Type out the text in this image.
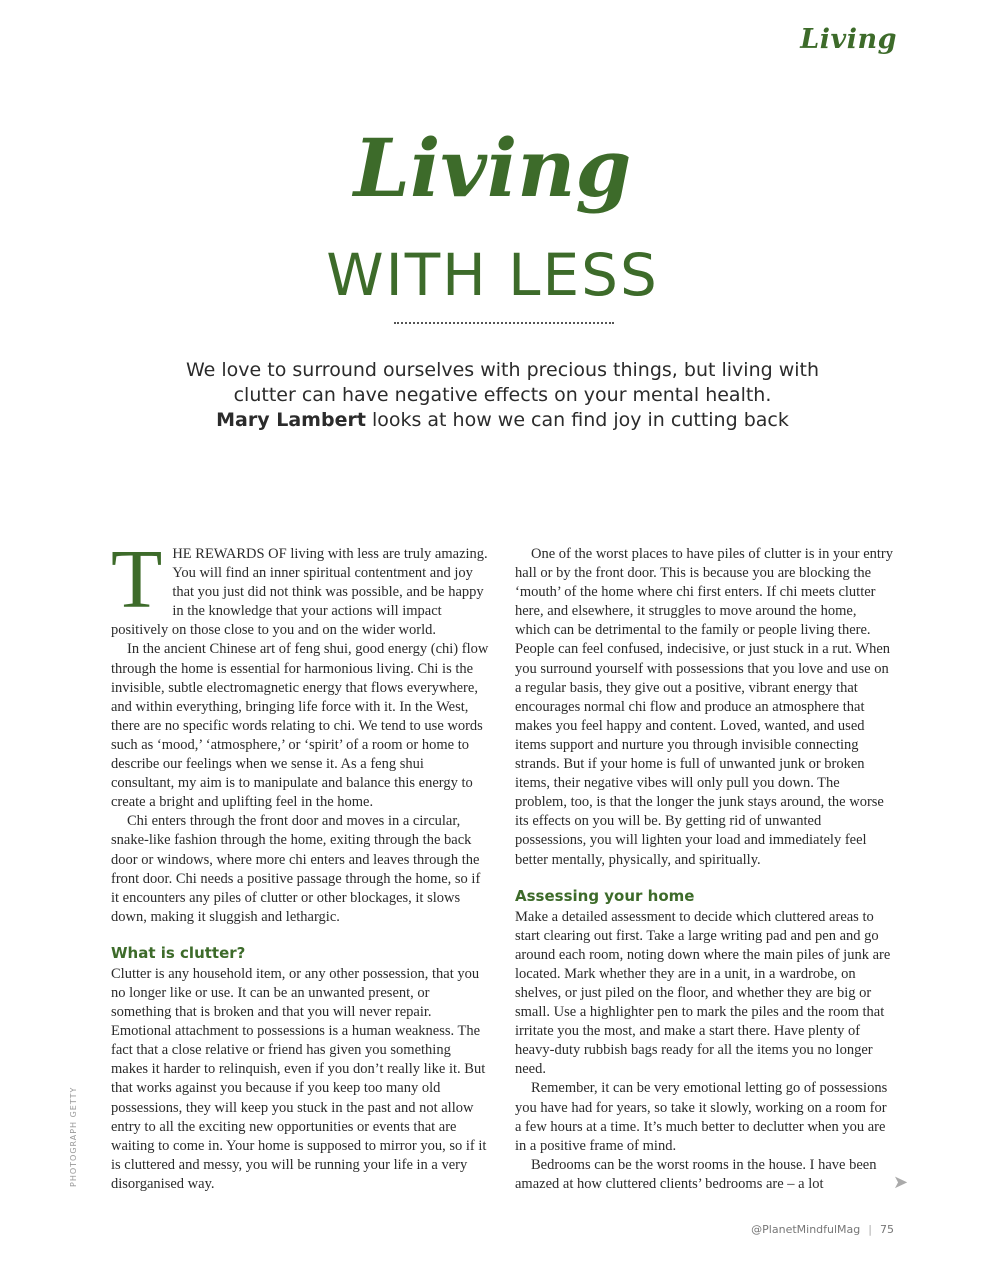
Living
Living
WITH LESS

We love to surround ourselves with precious things, but living with

clutter can have negative effects on your mental health.

Mary Lambert looks at how we can find joy in cutting back

THE REWARDS OF living with less are truly amazing. You will find an inner spiritual contentment and joy that you just did not think was possible, and be happy in the knowledge that your actions will impact positively on those close to you and on the wider world.

In the ancient Chinese art of feng shui, good energy (chi) flow through the home is essential for harmonious living. Chi is the invisible, subtle electromagnetic energy that flows everywhere, and within everything, bringing life force with it. In the West, there are no specific words relating to chi. We tend to use words such as ‘mood,’ ‘atmosphere,’ or ‘spirit’ of a room or home to describe our feelings when we sense it. As a feng shui consultant, my aim is to manipulate and balance this energy to create a bright and uplifting feel in the home.

Chi enters through the front door and moves in a circular, snake-like fashion through the home, exiting through the back door or windows, where more chi enters and leaves through the front door. Chi needs a positive passage through the home, so if it encounters any piles of clutter or other blockages, it slows down, making it sluggish and lethargic.

What is clutter?

Clutter is any household item, or any other possession, that you no longer like or use. It can be an unwanted present, or something that is broken and that you will never repair. Emotional attachment to possessions is a human weakness. The fact that a close relative or friend has given you something makes it harder to relinquish, even if you don’t really like it. But that works against you because if you keep too many old possessions, they will keep you stuck in the past and not allow entry to all the exciting new opportunities or events that are waiting to come in. Your home is supposed to mirror you, so if it is cluttered and messy, you will be running your life in a very disorganised way.

One of the worst places to have piles of clutter is in your entry hall or by the front door. This is because you are blocking the ‘mouth’ of the home where chi first enters. If chi meets clutter here, and elsewhere, it struggles to move around the home, which can be detrimental to the family or people living there. People can feel confused, indecisive, or just stuck in a rut. When you surround yourself with possessions that you love and use on a regular basis, they give out a positive, vibrant energy that encourages normal chi flow and produce an atmosphere that makes you feel happy and content. Loved, wanted, and used items support and nurture you through invisible connecting strands. But if your home is full of unwanted junk or broken items, their negative vibes will only pull you down. The problem, too, is that the longer the junk stays around, the worse its effects on you will be. By getting rid of unwanted possessions, you will lighten your load and immediately feel better mentally, physically, and spiritually.

Assessing your home

Make a detailed assessment to decide which cluttered areas to start clearing out first. Take a large writing pad and pen and go around each room, noting down where the main piles of junk are located. Mark whether they are in a unit, in a wardrobe, on shelves, or just piled on the floor, and whether they are big or small. Use a highlighter pen to mark the piles and the room that irritate you the most, and make a start there. Have plenty of heavy-duty rubbish bags ready for all the items you no longer need.

Remember, it can be very emotional letting go of possessions you have had for years, so take it slowly, working on a room for a few hours at a time. It’s much better to declutter when you are in a positive frame of mind.

Bedrooms can be the worst rooms in the house. I have been amazed at how cluttered clients’ bedrooms are – a lot

PHOTOGRAPH GETTY	➤
@PlanetMindfulMag | 75
